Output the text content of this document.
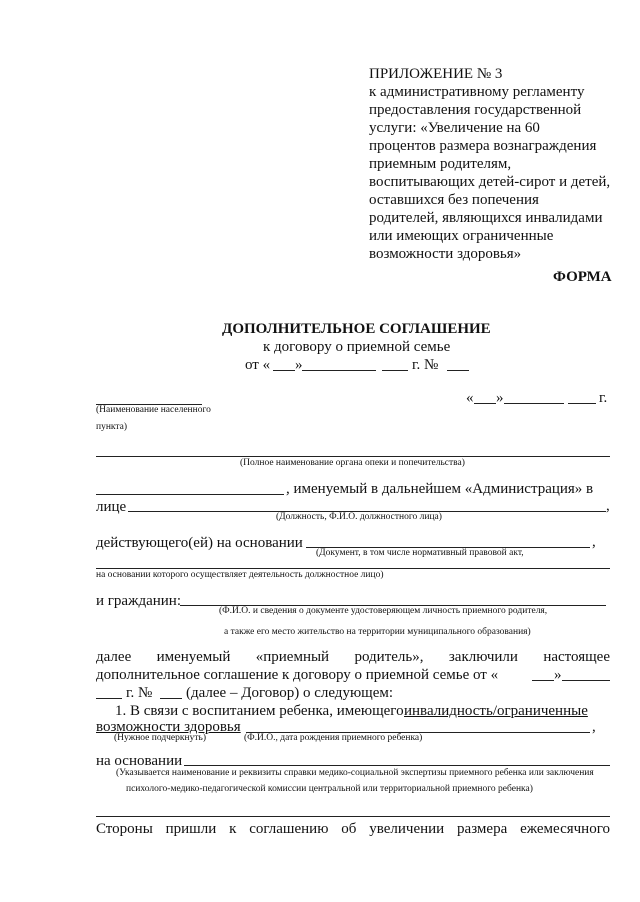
ПРИЛОЖЕНИЕ № 3
к административному регламенту
предоставления государственной
услуги: «Увеличение на 60
процентов размера вознаграждения
приемным родителям,
воспитывающих детей-сирот и детей,
оставшихся без попечения
родителей, являющихся инвалидами
или имеющих ограниченные
возможности здоровья»
ФОРМА
ДОПОЛНИТЕЛЬНОЕ СОГЛАШЕНИЕ
к договору о приемной семье
от « »	г. №
(Наименование населенного
пункта)
« »	г.
(Полное наименование органа опеки и попечительства)
, именуемый в дальнейшем «Администрация» в
лице	,
(Должность, Ф.И.О. должностного лица)
действующего(ей) на основании	,
(Документ, в том числе нормативный правовой акт,
на основании которого осуществляет деятельность должностное лицо)
и гражданин:
(Ф.И.О. и сведения о документе удостоверяющем личность приемного родителя,
а также его место жительство на территории муниципального образования)
далее именуемый «приемный родитель», заключили настоящее
дополнительное соглашение к договору о приемной семье от «	»
г. № (далее – Договор) о следующем:
1. В связи с воспитанием ребенка, имеющего инвалидность/ограниченные
возможности здоровья	,
(Нужное подчеркнуть)	(Ф.И.О., дата рождения приемного ребенка)
на основании
(Указывается наименование и реквизиты справки медико-социальной экспертизы приемного ребенка или заключения
психолого-медико-педагогической комиссии центральной или территориальной приемного ребенка)
Стороны пришли к соглашению об увеличении размера ежемесячного
